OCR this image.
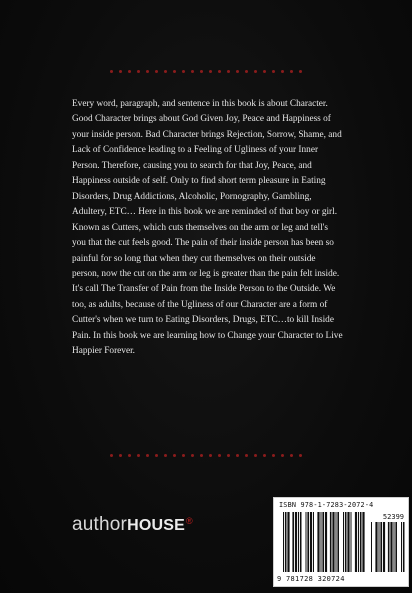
Every word, paragraph, and sentence in this book is about Character. Good Character brings about God Given Joy, Peace and Happiness of your inside person. Bad Character brings Rejection, Sorrow, Shame, and Lack of Confidence leading to a Feeling of Ugliness of your Inner Person. Therefore, causing you to search for that Joy, Peace, and Happiness outside of self. Only to find short term pleasure in Eating Disorders, Drug Addictions, Alcoholic, Pornography, Gambling, Adultery, ETC… Here in this book we are reminded of that boy or girl. Known as Cutters, which cuts themselves on the arm or leg and tell's you that the cut feels good. The pain of their inside person has been so painful for so long that when they cut themselves on their outside person, now the cut on the arm or leg is greater than the pain felt inside. It's call The Transfer of Pain from the Inside Person to the Outside. We too, as adults, because of the Ugliness of our Character are a form of Cutter's when we turn to Eating Disorders, Drugs, ETC…to kill Inside Pain. In this book we are learning how to Change your Character to Live Happier Forever.

authorHOUSE®
ISBN 978-1-7283-2072-4
52399
9 781728 320724
